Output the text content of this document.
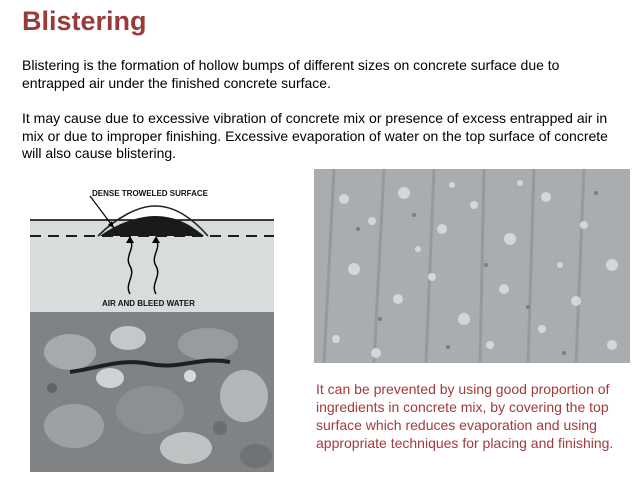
Blistering
Blistering is the formation of hollow bumps of different sizes on concrete surface due to entrapped air under the finished concrete surface.
It may cause due to excessive vibration of concrete mix or presence of excess entrapped air in mix or due to improper finishing. Excessive evaporation of water on the top surface of concrete will also cause blistering.
DENSE TROWELED SURFACE
AIR AND BLEED WATER
It can be prevented by using good proportion of ingredients in concrete mix, by covering the top surface which reduces evaporation and using appropriate techniques for placing and finishing.
